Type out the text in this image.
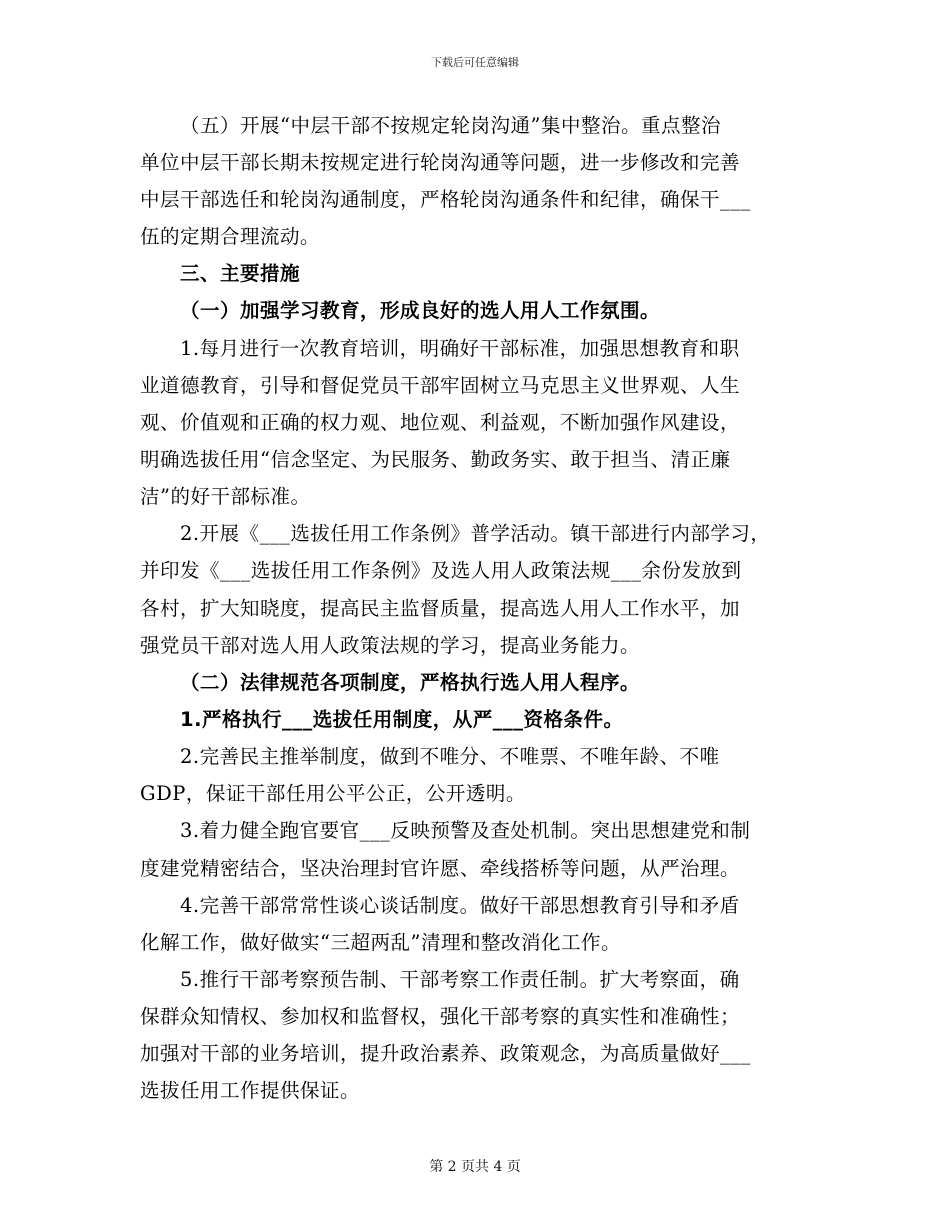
下载后可任意编辑
（五）开展“中层干部不按规定轮岗沟通”集中整治。重点整治
单位中层干部长期未按规定进行轮岗沟通等问题，进一步修改和完善
中层干部选任和轮岗沟通制度，严格轮岗沟通条件和纪律，确保干___
伍的定期合理流动。
三、主要措施
（一）加强学习教育，形成良好的选人用人工作氛围。
1.每月进行一次教育培训，明确好干部标准，加强思想教育和职
业道德教育，引导和督促党员干部牢固树立马克思主义世界观、人生
观、价值观和正确的权力观、地位观、利益观，不断加强作风建设，
明确选拔任用“信念坚定、为民服务、勤政务实、敢于担当、清正廉
洁”的好干部标准。
2.开展《___选拔任用工作条例》普学活动。镇干部进行内部学习，
并印发《___选拔任用工作条例》及选人用人政策法规___余份发放到
各村，扩大知晓度，提高民主监督质量，提高选人用人工作水平，加
强党员干部对选人用人政策法规的学习，提高业务能力。
（二）法律规范各项制度，严格执行选人用人程序。
1.严格执行___选拔任用制度，从严___资格条件。
2.完善民主推举制度，做到不唯分、不唯票、不唯年龄、不唯
GDP，保证干部任用公平公正，公开透明。
3.着力健全跑官要官___反映预警及查处机制。突出思想建党和制
度建党精密结合，坚决治理封官许愿、牵线搭桥等问题，从严治理。
4.完善干部常常性谈心谈话制度。做好干部思想教育引导和矛盾
化解工作，做好做实“三超两乱”清理和整改消化工作。
5.推行干部考察预告制、干部考察工作责任制。扩大考察面，确
保群众知情权、参加权和监督权，强化干部考察的真实性和准确性；
加强对干部的业务培训，提升政治素养、政策观念，为高质量做好___
选拔任用工作提供保证。
第 2 页共 4 页
